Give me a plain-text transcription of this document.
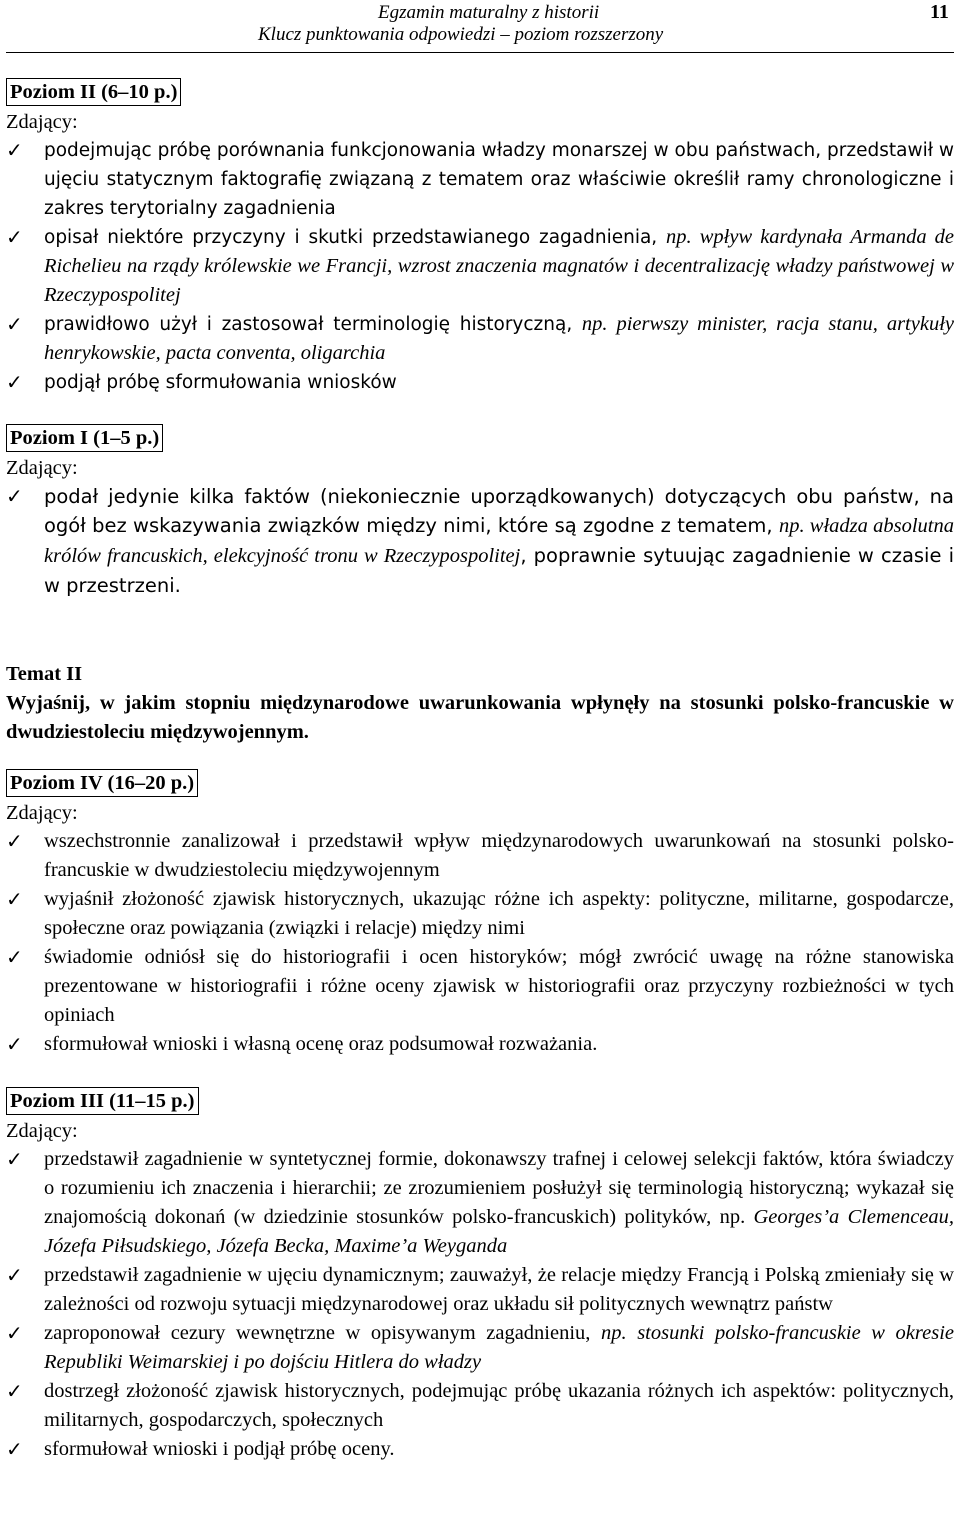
Egzamin maturalny z historii
Klucz punktowania odpowiedzi – poziom rozszerzony
11
Poziom II (6–10 p.)
Zdający:
✓ podejmując próbę porównania funkcjonowania władzy monarszej w obu państwach, przedstawił w ujęciu statycznym faktografię związaną z tematem oraz właściwie określił ramy chronologiczne i zakres terytorialny zagadnienia
✓ opisał niektóre przyczyny i skutki przedstawianego zagadnienia, np. wpływ kardynała Armanda de Richelieu na rządy królewskie we Francji, wzrost znaczenia magnatów i decentralizację władzy państwowej w Rzeczypospolitej
✓ prawidłowo użył i zastosował terminologię historyczną, np. pierwszy minister, racja stanu, artykuły henrykowskie, pacta conventa, oligarchia
✓ podjął próbę sformułowania wniosków
Poziom I (1–5 p.)
Zdający:
✓ podał jedynie kilka faktów (niekoniecznie uporządkowanych) dotyczących obu państw, na ogół bez wskazywania związków między nimi, które są zgodne z tematem, np. władza absolutna królów francuskich, elekcyjność tronu w Rzeczypospolitej, poprawnie sytuując zagadnienie w czasie i w przestrzeni.
Temat II
Wyjaśnij, w jakim stopniu międzynarodowe uwarunkowania wpłynęły na stosunki polsko-francuskie w dwudziestoleciu międzywojennym.
Poziom IV (16–20 p.)
Zdający:
✓ wszechstronnie zanalizował i przedstawił wpływ międzynarodowych uwarunkowań na stosunki polsko-francuskie w dwudziestoleciu międzywojennym
✓ wyjaśnił złożoność zjawisk historycznych, ukazując różne ich aspekty: polityczne, militarne, gospodarcze, społeczne oraz powiązania (związki i relacje) między nimi
✓ świadomie odniósł się do historiografii i ocen historyków; mógł zwrócić uwagę na różne stanowiska prezentowane w historiografii i różne oceny zjawisk w historiografii oraz przyczyny rozbieżności w tych opiniach
✓ sformułował wnioski i własną ocenę oraz podsumował rozważania.
Poziom III (11–15 p.)
Zdający:
✓ przedstawił zagadnienie w syntetycznej formie, dokonawszy trafnej i celowej selekcji faktów, która świadczy o rozumieniu ich znaczenia i hierarchii; ze zrozumieniem posłużył się terminologią historyczną; wykazał się znajomością dokonań (w dziedzinie stosunków polsko-francuskich) polityków, np. Georges’a Clemenceau, Józefa Piłsudskiego, Józefa Becka, Maxime’a Weyganda
✓ przedstawił zagadnienie w ujęciu dynamicznym; zauważył, że relacje między Francją i Polską zmieniały się w zależności od rozwoju sytuacji międzynarodowej oraz układu sił politycznych wewnątrz państw
✓ zaproponował cezury wewnętrzne w opisywanym zagadnieniu, np. stosunki polsko-francuskie w okresie Republiki Weimarskiej i po dojściu Hitlera do władzy
✓ dostrzegł złożoność zjawisk historycznych, podejmując próbę ukazania różnych ich aspektów: politycznych, militarnych, gospodarczych, społecznych
✓ sformułował wnioski i podjął próbę oceny.
